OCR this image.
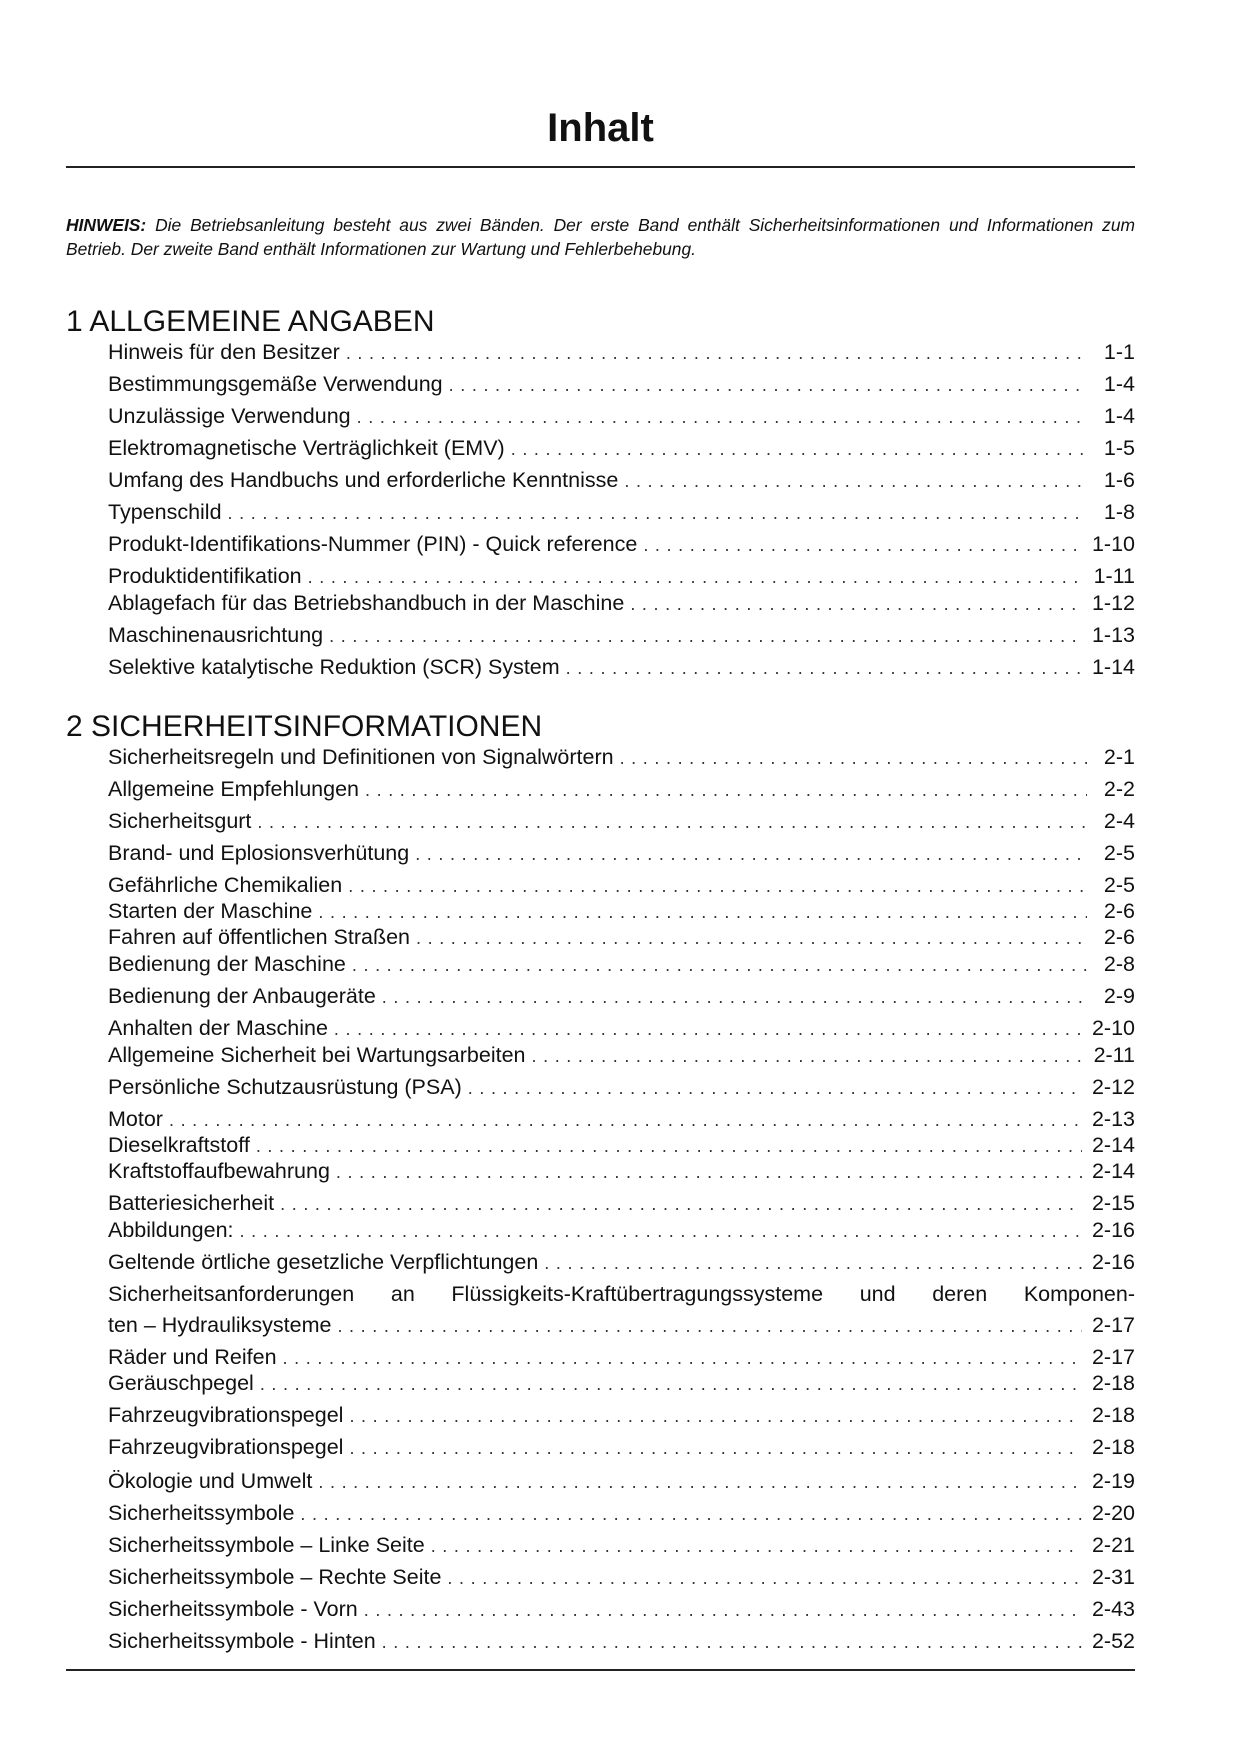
Inhalt

HINWEIS: Die Betriebsanleitung besteht aus zwei Bänden. Der erste Band enthält Sicherheitsinformationen und Informationen zum Betrieb. Der zweite Band enthält Informationen zur Wartung und Fehlerbehebung.

1 ALLGEMEINE ANGABEN
Hinweis für den Besitzer . . .	1-1
Bestimmungsgemäße Verwendung . . .	1-4
Unzulässige Verwendung . . .	1-4
Elektromagnetische Verträglichkeit (EMV) . . .	1-5
Umfang des Handbuchs und erforderliche Kenntnisse . . .	1-6
Typenschild . . .	1-8
Produkt-Identifikations-Nummer (PIN) - Quick reference . . .	1-10
Produktidentifikation . . .	1-11
Ablagefach für das Betriebshandbuch in der Maschine . . .	1-12
Maschinenausrichtung . . .	1-13
Selektive katalytische Reduktion (SCR) System . . .	1-14
2 SICHERHEITSINFORMATIONEN
Sicherheitsregeln und Definitionen von Signalwörtern . . .	2-1
Allgemeine Empfehlungen . . .	2-2
Sicherheitsgurt . . .	2-4
Brand- und Eplosionsverhütung . . .	2-5
Gefährliche Chemikalien . . .	2-5
Starten der Maschine . . .	2-6
Fahren auf öffentlichen Straßen . . .	2-6
Bedienung der Maschine . . .	2-8
Bedienung der Anbaugeräte . . .	2-9
Anhalten der Maschine . . .	2-10
Allgemeine Sicherheit bei Wartungsarbeiten . . .	2-11
Persönliche Schutzausrüstung (PSA) . . .	2-12
Motor . . .	2-13
Dieselkraftstoff . . .	2-14
Kraftstoffaufbewahrung . . .	2-14
Batteriesicherheit . . .	2-15
Abbildungen: . . .	2-16
Geltende örtliche gesetzliche Verpflichtungen . . .	2-16
Sicherheitsanforderungen an Flüssigkeits-Kraftübertragungssysteme und deren Komponen-
ten – Hydrauliksysteme . . .	2-17
Räder und Reifen . . .	2-17
Geräuschpegel . . .	2-18
Fahrzeugvibrationspegel . . .	2-18
Fahrzeugvibrationspegel . . .	2-18
Ökologie und Umwelt . . .	2-19
Sicherheitssymbole . . .	2-20
Sicherheitssymbole – Linke Seite . . .	2-21
Sicherheitssymbole – Rechte Seite . . .	2-31
Sicherheitssymbole - Vorn . . .	2-43
Sicherheitssymbole - Hinten . . .	2-52
